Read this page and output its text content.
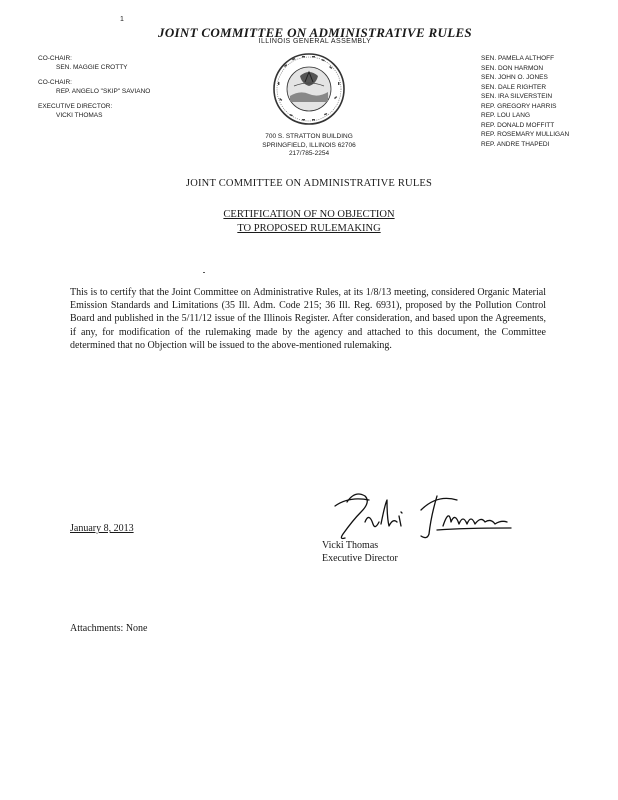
1
JOINT COMMITTEE ON ADMINISTRATIVE RULES
ILLINOIS GENERAL ASSEMBLY
CO-CHAIR:
SEN. MAGGIE CROTTY
CO-CHAIR:
REP. ANGELO "SKIP" SAVIANO
EXECUTIVE DIRECTOR:
VICKI THOMAS
SEN. PAMELA ALTHOFF
SEN. DON HARMON
SEN. JOHN O. JONES
SEN. DALE RIGHTER
SEN. IRA SILVERSTEIN
REP. GREGORY HARRIS
REP. LOU LANG
REP. DONALD MOFFITT
REP. ROSEMARY MULLIGAN
REP. ANDRE THAPEDI
700 S. STRATTON BUILDING
SPRINGFIELD, ILLINOIS 62706
217/785-2254
JOINT COMMITTEE ON ADMINISTRATIVE RULES
CERTIFICATION OF NO OBJECTION
TO PROPOSED RULEMAKING
This is to certify that the Joint Committee on Administrative Rules, at its 1/8/13 meeting, considered Organic Material Emission Standards and Limitations (35 Ill. Adm. Code 215; 36 Ill. Reg. 6931), proposed by the Pollution Control Board and published in the 5/11/12 issue of the Illinois Register. After consideration, and based upon the Agreements, if any, for modification of the rulemaking made by the agency and attached to this document, the Committee determined that no Objection will be issued to the above-mentioned rulemaking.
January 8, 2013
Vicki Thomas
Executive Director
Attachments: None
